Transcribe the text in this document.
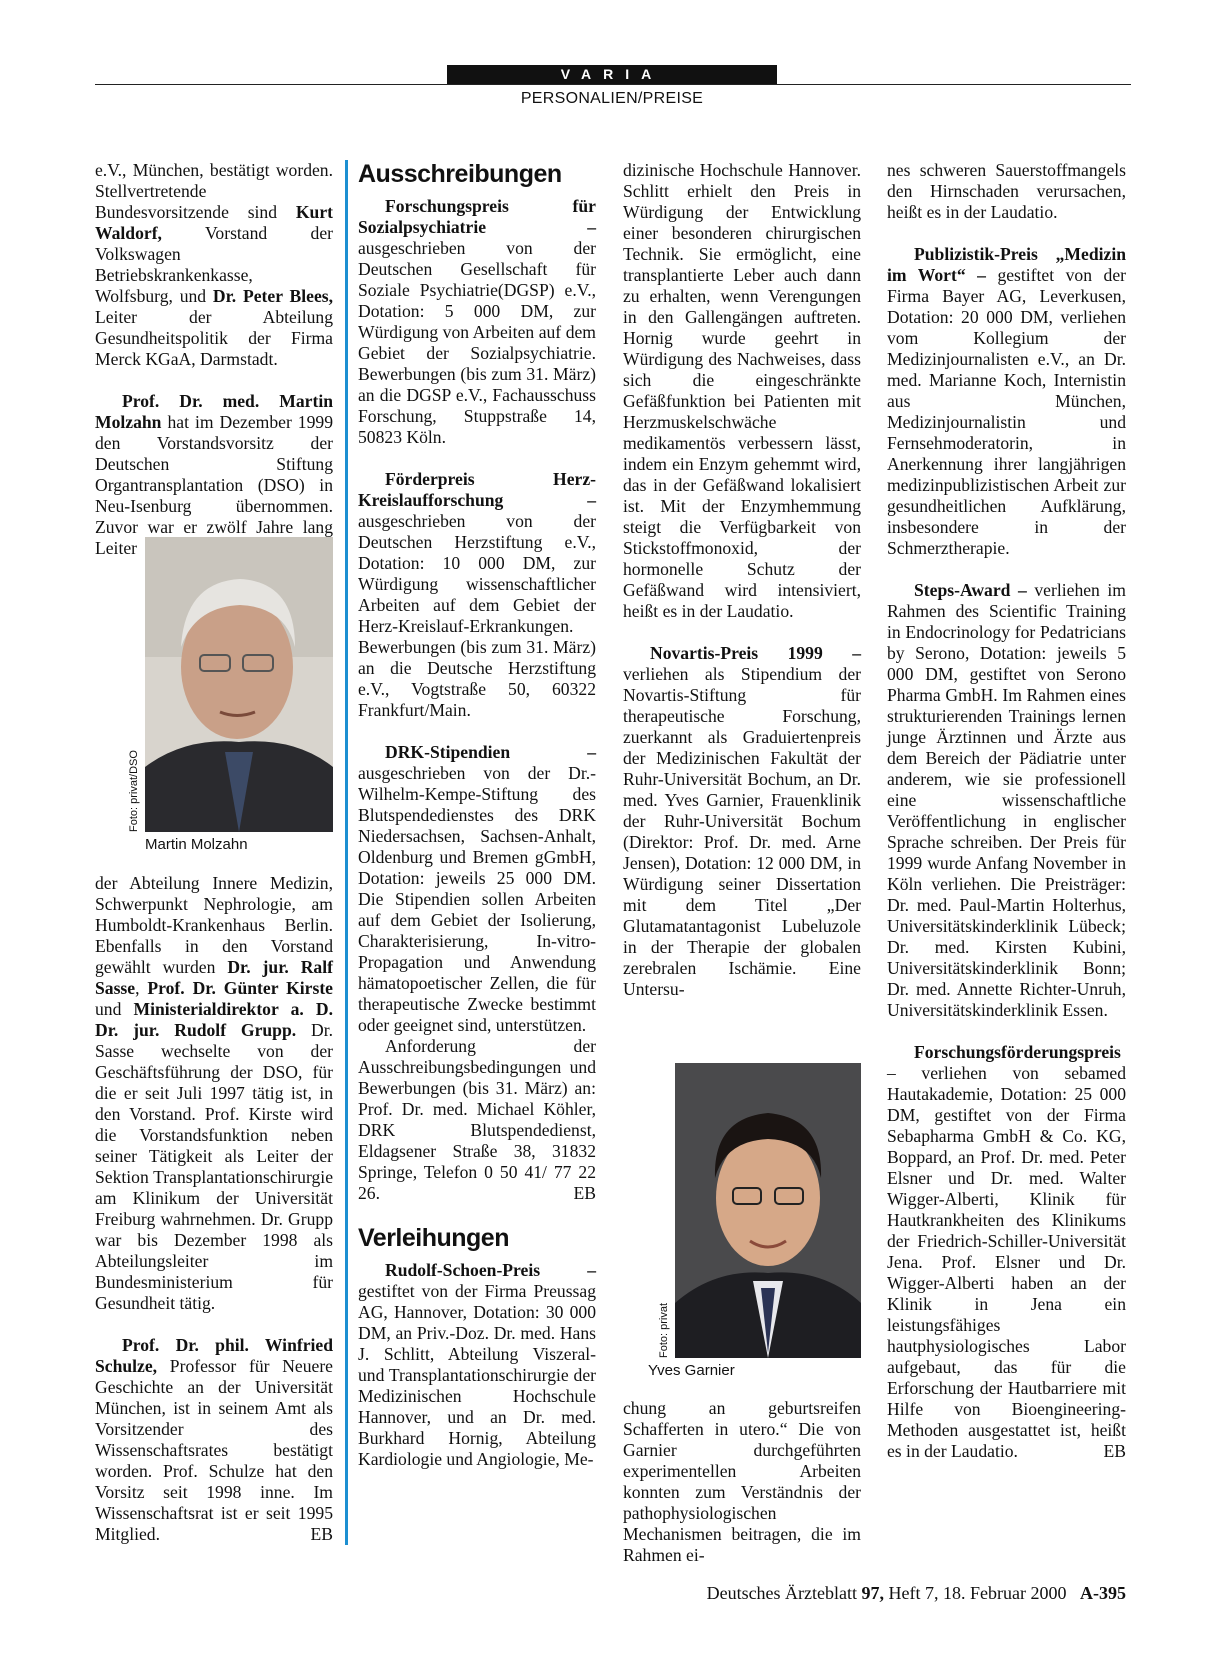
VARIA
PERSONALIEN/PREISE

e.V., München, bestätigt worden. Stellvertretende Bundesvorsitzende sind Kurt Waldorf, Vorstand der Volkswagen Betriebskrankenkasse, Wolfsburg, und Dr. Peter Blees, Leiter der Abteilung Gesundheitspolitik der Firma Merck KGaA, Darmstadt.

Prof. Dr. med. Martin Molzahn hat im Dezember 1999 den Vorstandsvorsitz der Deutschen Stiftung Organtransplantation (DSO) in Neu-Isenburg übernommen. Zuvor war er zwölf Jahre lang Leiter

Foto: privat/DSO
Martin Molzahn

der Abteilung Innere Medizin, Schwerpunkt Nephrologie, am Humboldt-Krankenhaus Berlin. Ebenfalls in den Vorstand gewählt wurden Dr. jur. Ralf Sasse, Prof. Dr. Günter Kirste und Ministerialdirektor a. D. Dr. jur. Rudolf Grupp. Dr. Sasse wechselte von der Geschäftsführung der DSO, für die er seit Juli 1997 tätig ist, in den Vorstand. Prof. Kirste wird die Vorstandsfunktion neben seiner Tätigkeit als Leiter der Sektion Transplantationschirurgie am Klinikum der Universität Freiburg wahrnehmen. Dr. Grupp war bis Dezember 1998 als Abteilungsleiter im Bundesministerium für Gesundheit tätig.

Prof. Dr. phil. Winfried Schulze, Professor für Neuere Geschichte an der Universität München, ist in seinem Amt als Vorsitzender des Wissenschaftsrates bestätigt worden. Prof. Schulze hat den Vorsitz seit 1998 inne. Im Wissenschaftsrat ist er seit 1995 Mitglied.	EB

Ausschreibungen

Forschungspreis für Sozialpsychiatrie – ausgeschrieben von der Deutschen Gesellschaft für Soziale Psychiatrie(DGSP) e.V., Dotation: 5 000 DM, zur Würdigung von Arbeiten auf dem Gebiet der Sozialpsychiatrie. Bewerbungen (bis zum 31. März) an die DGSP e.V., Fachausschuss Forschung, Stuppstraße 14, 50823 Köln.

Förderpreis Herz-Kreislaufforschung – ausgeschrieben von der Deutschen Herzstiftung e.V., Dotation: 10 000 DM, zur Würdigung wissenschaftlicher Arbeiten auf dem Gebiet der Herz-Kreislauf-Erkrankungen. Bewerbungen (bis zum 31. März) an die Deutsche Herzstiftung e.V., Vogtstraße 50, 60322 Frankfurt/Main.

DRK-Stipendien – ausgeschrieben von der Dr.-Wilhelm-Kempe-Stiftung des Blutspendedienstes des DRK Niedersachsen, Sachsen-Anhalt, Oldenburg und Bremen gGmbH, Dotation: jeweils 25 000 DM. Die Stipendien sollen Arbeiten auf dem Gebiet der Isolierung, Charakterisierung, In-vitro-Propagation und Anwendung hämatopoetischer Zellen, die für therapeutische Zwecke bestimmt oder geeignet sind, unterstützen.

Anforderung der Ausschreibungsbedingungen und Bewerbungen (bis 31. März) an: Prof. Dr. med. Michael Köhler, DRK Blutspendedienst, Eldagsener Straße 38, 31832 Springe, Telefon 0 50 41/ 77 22 26.	EB

Verleihungen

Rudolf-Schoen-Preis – gestiftet von der Firma Preussag AG, Hannover, Dotation: 30 000 DM, an Priv.-Doz. Dr. med. Hans J. Schlitt, Abteilung Viszeral- und Transplantationschirurgie der Medizinischen Hochschule Hannover, und an Dr. med. Burkhard Hornig, Abteilung Kardiologie und Angiologie, Me-

dizinische Hochschule Hannover. Schlitt erhielt den Preis in Würdigung der Entwicklung einer besonderen chirurgischen Technik. Sie ermöglicht, eine transplantierte Leber auch dann zu erhalten, wenn Verengungen in den Gallengängen auftreten. Hornig wurde geehrt in Würdigung des Nachweises, dass sich die eingeschränkte Gefäßfunktion bei Patienten mit Herzmuskelschwäche medikamentös verbessern lässt, indem ein Enzym gehemmt wird, das in der Gefäßwand lokalisiert ist. Mit der Enzymhemmung steigt die Verfügbarkeit von Stickstoffmonoxid, der hormonelle Schutz der Gefäßwand wird intensiviert, heißt es in der Laudatio.

Novartis-Preis 1999 – verliehen als Stipendium der Novartis-Stiftung für therapeutische Forschung, zuerkannt als Graduiertenpreis der Medizinischen Fakultät der Ruhr-Universität Bochum, an Dr. med. Yves Garnier, Frauenklinik der Ruhr-Universität Bochum (Direktor: Prof. Dr. med. Arne Jensen), Dotation: 12 000 DM, in Würdigung seiner Dissertation mit dem Titel „Der Glutamatantagonist Lubeluzole in der Therapie der globalen zerebralen Ischämie. Eine Untersu-

Foto: privat
Yves Garnier

chung an geburtsreifen Schafferten in utero.“ Die von Garnier durchgeführten experimentellen Arbeiten konnten zum Verständnis der pathophysiologischen Mechanismen beitragen, die im Rahmen ei-

nes schweren Sauerstoffmangels den Hirnschaden verursachen, heißt es in der Laudatio.

Publizistik-Preis „Medizin im Wort“ – gestiftet von der Firma Bayer AG, Leverkusen, Dotation: 20 000 DM, verliehen vom Kollegium der Medizinjournalisten e.V., an Dr. med. Marianne Koch, Internistin aus München, Medizinjournalistin und Fernsehmoderatorin, in Anerkennung ihrer langjährigen medizinpublizistischen Arbeit zur gesundheitlichen Aufklärung, insbesondere in der Schmerztherapie.

Steps-Award – verliehen im Rahmen des Scientific Training in Endocrinology for Pedatricians by Serono, Dotation: jeweils 5 000 DM, gestiftet von Serono Pharma GmbH. Im Rahmen eines strukturierenden Trainings lernen junge Ärztinnen und Ärzte aus dem Bereich der Pädiatrie unter anderem, wie sie professionell eine wissenschaftliche Veröffentlichung in englischer Sprache schreiben. Der Preis für 1999 wurde Anfang November in Köln verliehen. Die Preisträger: Dr. med. Paul-Martin Holterhus, Universitätskinderklinik Lübeck; Dr. med. Kirsten Kubini, Universitätskinderklinik Bonn; Dr. med. Annette Richter-Unruh, Universitätskinderklinik Essen.

Forschungsförderungspreis – verliehen von sebamed Hautakademie, Dotation: 25 000 DM, gestiftet von der Firma Sebapharma GmbH & Co. KG, Boppard, an Prof. Dr. med. Peter Elsner und Dr. med. Walter Wigger-Alberti, Klinik für Hautkrankheiten des Klinikums der Friedrich-Schiller-Universität Jena. Prof. Elsner und Dr. Wigger-Alberti haben an der Klinik in Jena ein leistungsfähiges hautphysiologisches Labor aufgebaut, das für die Erforschung der Hautbarriere mit Hilfe von Bioengineering-Methoden ausgestattet ist, heißt es in der Laudatio.	EB

Deutsches Ärzteblatt 97, Heft 7, 18. Februar 2000 A-395
